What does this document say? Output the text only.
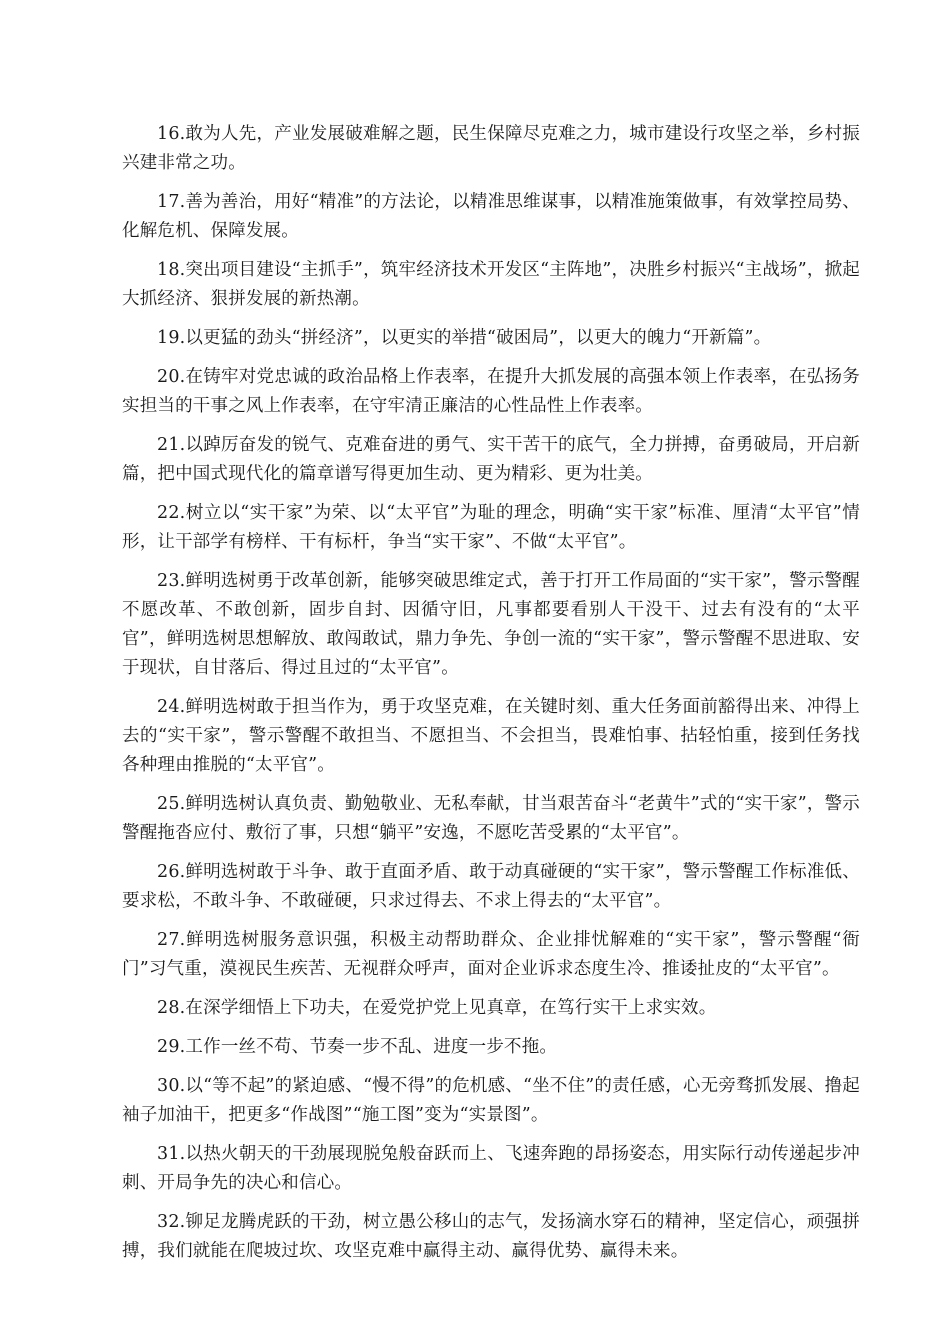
16.敢为人先，产业发展破难解之题，民生保障尽克难之力，城市建设行攻坚之举，乡村振兴建非常之功。

17.善为善治，用好“精准”的方法论，以精准思维谋事，以精准施策做事，有效掌控局势、化解危机、保障发展。

18.突出项目建设“主抓手”，筑牢经济技术开发区“主阵地”，决胜乡村振兴“主战场”，掀起大抓经济、狠拼发展的新热潮。

19.以更猛的劲头“拼经济”，以更实的举措“破困局”，以更大的魄力“开新篇”。

20.在铸牢对党忠诚的政治品格上作表率，在提升大抓发展的高强本领上作表率，在弘扬务实担当的干事之风上作表率，在守牢清正廉洁的心性品性上作表率。

21.以踔厉奋发的锐气、克难奋进的勇气、实干苦干的底气，全力拼搏，奋勇破局，开启新篇，把中国式现代化的篇章谱写得更加生动、更为精彩、更为壮美。

22.树立以“实干家”为荣、以“太平官”为耻的理念，明确“实干家”标准、厘清“太平官”情形，让干部学有榜样、干有标杆，争当“实干家”、不做“太平官”。

23.鲜明选树勇于改革创新，能够突破思维定式，善于打开工作局面的“实干家”，警示警醒不愿改革、不敢创新，固步自封、因循守旧，凡事都要看别人干没干、过去有没有的“太平官”，鲜明选树思想解放、敢闯敢试，鼎力争先、争创一流的“实干家”，警示警醒不思进取、安于现状，自甘落后、得过且过的“太平官”。

24.鲜明选树敢于担当作为，勇于攻坚克难，在关键时刻、重大任务面前豁得出来、冲得上去的“实干家”，警示警醒不敢担当、不愿担当、不会担当，畏难怕事、拈轻怕重，接到任务找各种理由推脱的“太平官”。

25.鲜明选树认真负责、勤勉敬业、无私奉献，甘当艰苦奋斗“老黄牛”式的“实干家”，警示警醒拖沓应付、敷衍了事，只想“躺平”安逸，不愿吃苦受累的“太平官”。

26.鲜明选树敢于斗争、敢于直面矛盾、敢于动真碰硬的“实干家”，警示警醒工作标准低、要求松，不敢斗争、不敢碰硬，只求过得去、不求上得去的“太平官”。

27.鲜明选树服务意识强，积极主动帮助群众、企业排忧解难的“实干家”，警示警醒“衙门”习气重，漠视民生疾苦、无视群众呼声，面对企业诉求态度生冷、推诿扯皮的“太平官”。

28.在深学细悟上下功夫，在爱党护党上见真章，在笃行实干上求实效。

29.工作一丝不苟、节奏一步不乱、进度一步不拖。

30.以“等不起”的紧迫感、“慢不得”的危机感、“坐不住”的责任感，心无旁骛抓发展、撸起袖子加油干，把更多“作战图”“施工图”变为“实景图”。

31.以热火朝天的干劲展现脱兔般奋跃而上、飞速奔跑的昂扬姿态，用实际行动传递起步冲刺、开局争先的决心和信心。

32.铆足龙腾虎跃的干劲，树立愚公移山的志气，发扬滴水穿石的精神，坚定信心，顽强拼搏，我们就能在爬坡过坎、攻坚克难中赢得主动、赢得优势、赢得未来。
